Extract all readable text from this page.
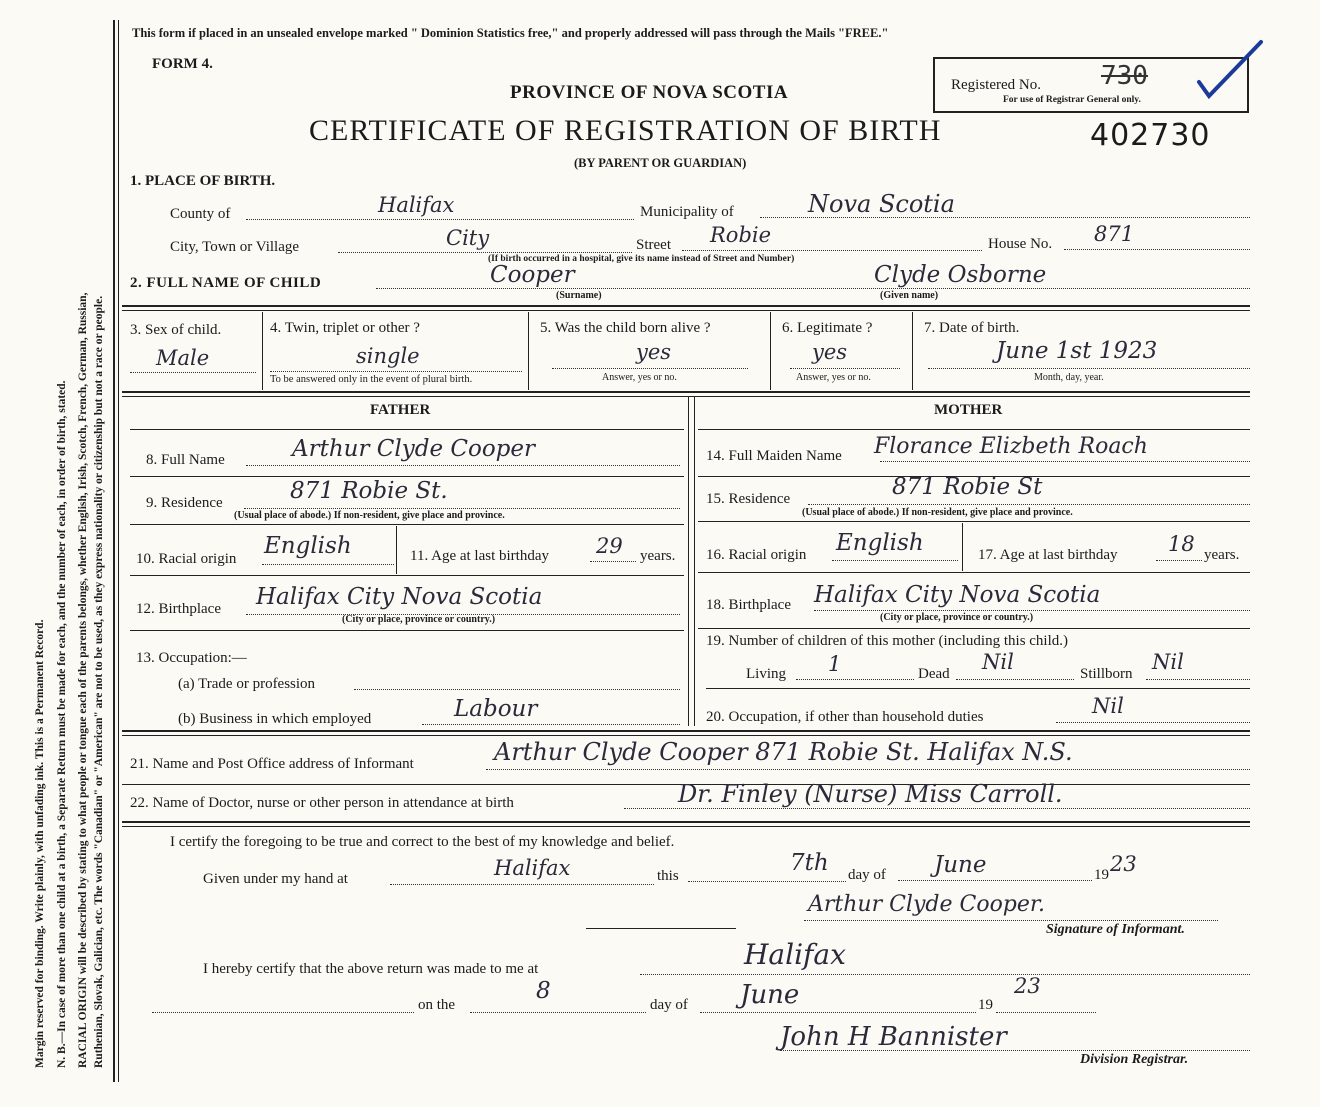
Margin reserved for binding. Write plainly, with unfading ink. This is a Permanent Record. N. B.—In case of more than one child at a birth, a Separate Return must be made for each, and the number of each, in order of birth, stated. RACIAL ORIGIN will be described by stating to what people or tongue each of the parents belongs, whether English, Irish, Scotch, French, German, Russian, Ruthenian, Slovak, Galician, etc. The words "Canadian" or "American" are not to be used, as they express nationality or citizenship but not a race or people.
This form if placed in an unsealed envelope marked " Dominion Statistics free," and properly addressed will pass through the Mails "FREE."
FORM 4.
PROVINCE OF NOVA SCOTIA
CERTIFICATE OF REGISTRATION OF BIRTH
(BY PARENT OR GUARDIAN)
Registered No. 730
For use of Registrar General only.
402730
1. PLACE OF BIRTH.
County of	Halifax	Municipality of	Nova Scotia
City, Town or Village	City	Street Robie	House No. 871
(If birth occurred in a hospital, give its name instead of Street and Number)
2. FULL NAME OF CHILD	Cooper
(Surname)
Clyde Osborne
(Given name)
3. Sex of child.
Male
4. Twin, triplet or other ?
single
To be answered only in the event of plural birth.
5. Was the child born alive ?
yes
Answer, yes or no.
6. Legitimate ?
yes
Answer, yes or no.
7. Date of birth.
June 1st 1923
Month, day, year.
FATHER
8. Full Name	Arthur Clyde Cooper
9. Residence	871 Robie St.
(Usual place of abode.) If non-resident, give place and province.
10. Racial origin English	11. Age at last birthday 29 years.
12. Birthplace Halifax City Nova Scotia
(City or place, province or country.)
13. Occupation:—
(a) Trade or profession
(b) Business in which employed	Labour
MOTHER
14. Full Maiden Name Florance Elizbeth Roach
15. Residence	871 Robie St
(Usual place of abode.) If non-resident, give place and province.
16. Racial origin English	17. Age at last birthday 18 years.
18. Birthplace Halifax City Nova Scotia
(City or place, province or country.)
19. Number of children of this mother (including this child.)
Living 1	Dead Nil	Stillborn Nil
20. Occupation, if other than household duties	Nil
21. Name and Post Office address of Informant	Arthur Clyde Cooper 871 Robie St. Halifax N.S.
22. Name of Doctor, nurse or other person in attendance at birth	Dr. Finley (Nurse) Miss Carroll.
I certify the foregoing to be true and correct to the best of my knowledge and belief.
Given under my hand at	Halifax	this	7th day of June	19 23
Arthur Clyde Cooper.
Signature of Informant.
I hereby certify that the above return was made to me at	Halifax
on the
8
day of June	19
23
John H Bannister
Division Registrar.
